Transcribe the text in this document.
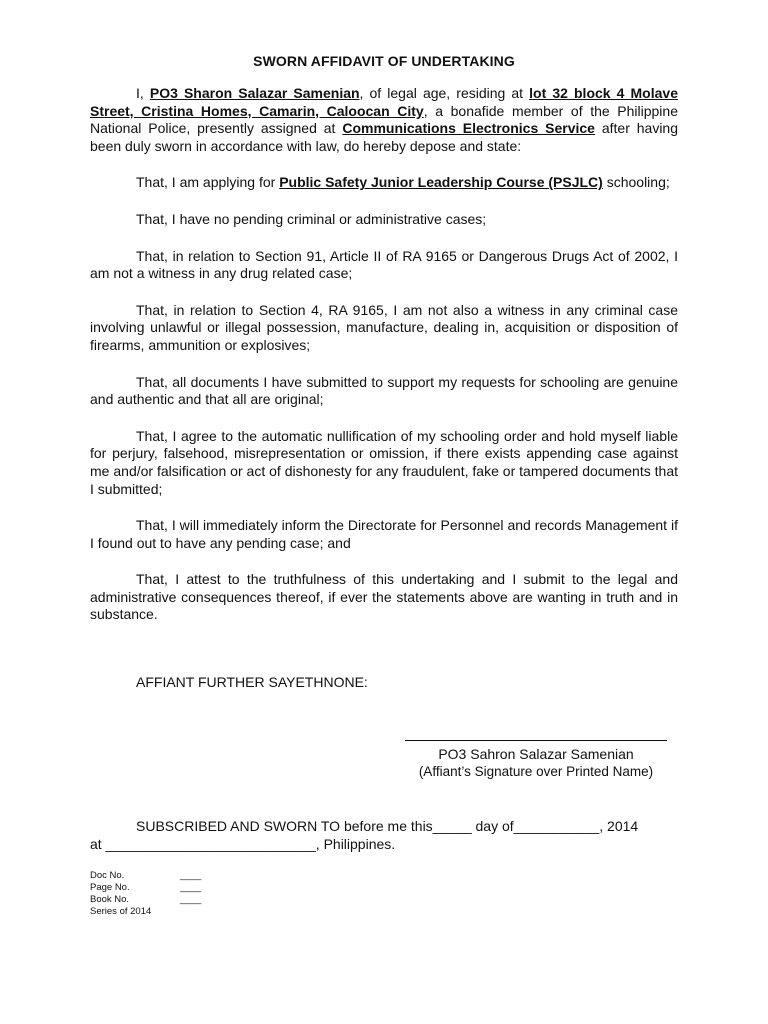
SWORN AFFIDAVIT OF UNDERTAKING

I, PO3 Sharon Salazar Samenian, of legal age, residing at lot 32 block 4 Molave Street, Cristina Homes, Camarin, Caloocan City, a bonafide member of the Philippine National Police, presently assigned at Communications Electronics Service after having been duly sworn in accordance with law, do hereby depose and state:

That, I am applying for Public Safety Junior Leadership Course (PSJLC) schooling;

That, I have no pending criminal or administrative cases;

That, in relation to Section 91, Article II of RA 9165 or Dangerous Drugs Act of 2002, I am not a witness in any drug related case;

That, in relation to Section 4, RA 9165, I am not also a witness in any criminal case involving unlawful or illegal possession, manufacture, dealing in, acquisition or disposition of firearms, ammunition or explosives;

That, all documents I have submitted to support my requests for schooling are genuine and authentic and that all are original;

That, I agree to the automatic nullification of my schooling order and hold myself liable for perjury, falsehood, misrepresentation or omission, if there exists appending case against me and/or falsification or act of dishonesty for any fraudulent, fake or tampered documents that I submitted;

That, I will immediately inform the Directorate for Personnel and records Management if I found out to have any pending case; and

That, I attest to the truthfulness of this undertaking and I submit to the legal and administrative consequences thereof, if ever the statements above are wanting in truth and in substance.

AFFIANT FURTHER SAYETHNONE:
PO3 Sahron Salazar Samenian
(Affiant’s Signature over Printed Name)
SUBSCRIBED AND SWORN TO before me this_____ day of___________, 2014
at ___________________________, Philippines.
Doc No.	____
Page No.	____
Book No.	____
Series of 2014
